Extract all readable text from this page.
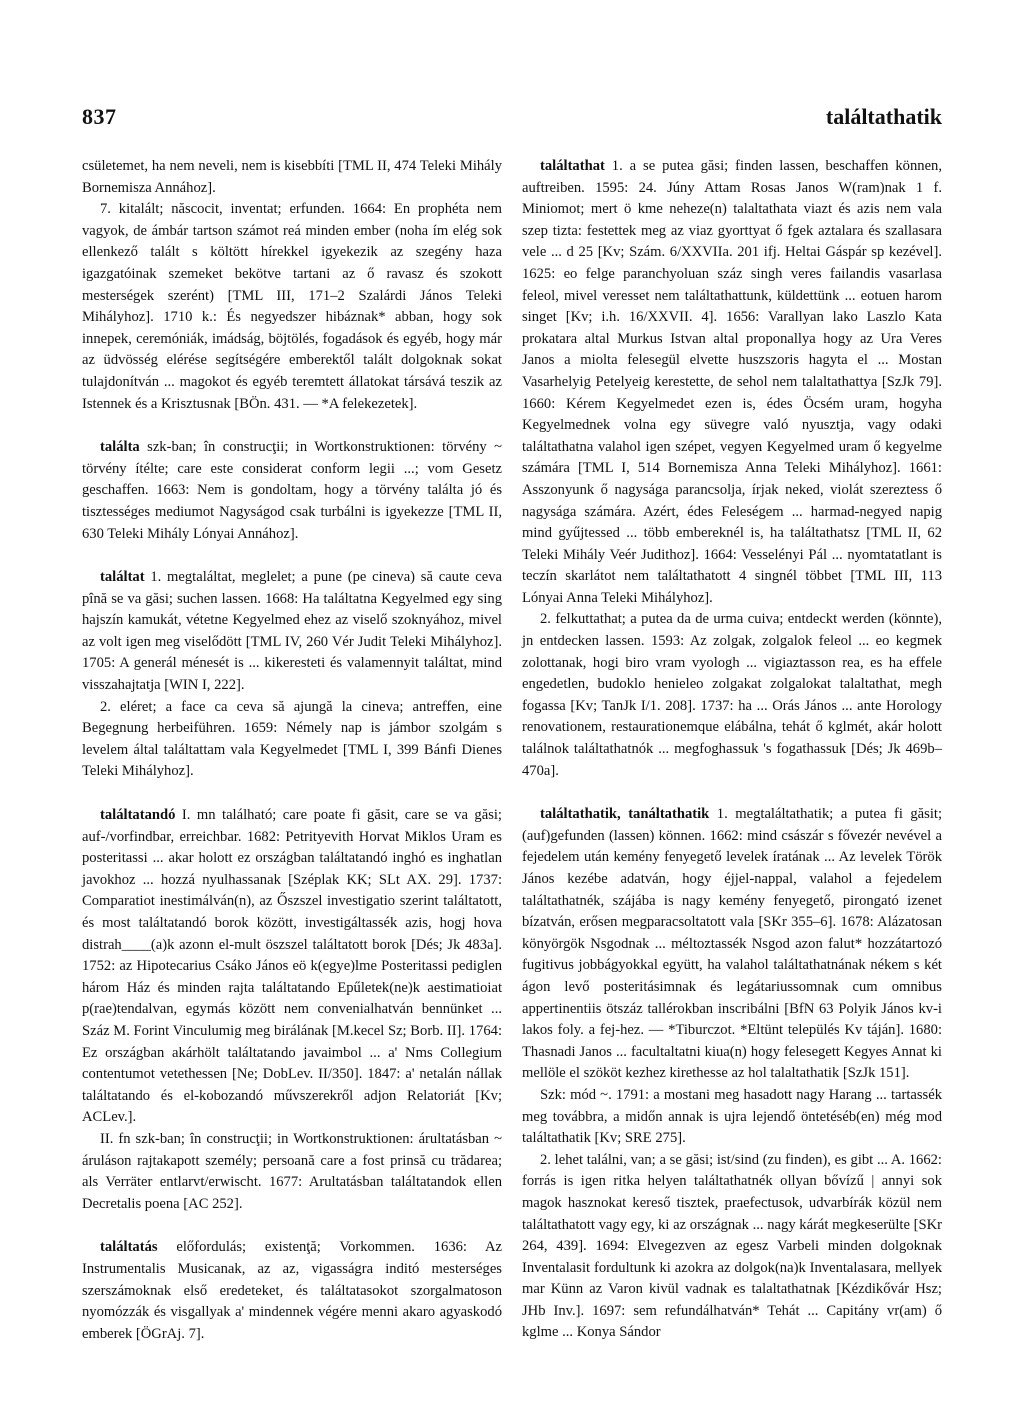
837	találtathatik

csületemet, ha nem neveli, nem is kisebbíti [TML II, 474 Teleki Mihály Bornemisza Annához].

7. kitalált; născocit, inventat; erfunden. 1664: En prophéta nem vagyok, de ámbár tartson számot reá minden ember (noha ím elég sok ellenkező talált s költött hírekkel igyekezik az szegény haza igazgatóinak szemeket bekötve tartani az ő ravasz és szokott mesterségek szerént) [TML III, 171–2 Szalárdi János Teleki Mihályhoz]. 1710 k.: És negyedszer hibáznak* abban, hogy sok innepek, ceremóniák, imádság, böjtölés, fogadások és egyéb, hogy már az üdvösség elérése segítségére emberektől talált dolgoknak sokat tulajdonítván ... magokot és egyéb teremtett állatokat társává teszik az Istennek és a Krisztusnak [BÖn. 431. — *A felekezetek].

találta szk-ban; în construcţii; in Wortkonstruktionen: törvény ~ törvény ítélte; care este considerat conform legii ...; vom Gesetz geschaffen. 1663: Nem is gondoltam, hogy a törvény találta jó és tisztességes mediumot Nagyságod csak turbálni is igyekezze [TML II, 630 Teleki Mihály Lónyai Annához].

találtat 1. megtaláltat, meglelet; a pune (pe cineva) să caute ceva pînă se va găsi; suchen lassen. 1668: Ha találtatna Kegyelmed egy sing hajszín kamukát, vétetne Kegyelmed ehez az viselő szoknyához, mivel az volt igen meg viselődött [TML IV, 260 Vér Judit Teleki Mihályhoz]. 1705: A generál ménesét is ... kikeresteti és valamennyit találtat, mind visszahajtatja [WIN I, 222].

2. eléret; a face ca ceva să ajungă la cineva; antreffen, eine Begegnung herbeiführen. 1659: Némely nap is jámbor szolgám s levelem által találtattam vala Kegyelmedet [TML I, 399 Bánfi Dienes Teleki Mihályhoz].

találtatandó I. mn található; care poate fi găsit, care se va găsi; auf-/vorfindbar, erreichbar. 1682: Petrityevith Horvat Miklos Uram es posteritassi ... akar holott ez országban találtatandó inghó es inghatlan javokhoz ... hozzá nyulhassanak [Széplak KK; SLt AX. 29]. 1737: Comparatiot inestimálván(n), az Őszszel investigatio szerint találtatott, és most találtatandó borok között, investigáltassék azis, hogj hova distrah____(a)k azonn el-mult öszszel találtatott borok [Dés; Jk 483a]. 1752: az Hipotecarius Csáko János eö k(egye)lme Posteritassi pediglen három Ház és minden rajta találtatando Epűletek(ne)k aestimatioiat p(rae)tendalvan, egymás között nem convenialhatván bennünket ... Száz M. Forint Vinculumig meg birálának [M.kecel Sz; Borb. II]. 1764: Ez országban akárhölt találtatando javaimbol ... a' Nms Collegium contentumot vetethessen [Ne; DobLev. II/350]. 1847: a' netalán nállak találtatando és el-kobozandó művszerekről adjon Relatoriát [Kv; ACLev.].

II. fn szk-ban; în construcţii; in Wortkonstruktionen: árultatásban ~ áruláson rajtakapott személy; persoană care a fost prinsă cu trădarea; als Verräter entlarvt/erwischt. 1677: Arultatásban találtatandok ellen Decretalis poena [AC 252].

találtatás előfordulás; existenţă; Vorkommen. 1636: Az Instrumentalis Musicanak, az az, vigasságra inditó mesterséges szerszámoknak első eredeteket, és találtatasokot szorgalmatoson nyomózzák és visgallyak a' mindennek végére menni akaro agyaskodó emberek [ÖGrAj. 7].

találtathat 1. a se putea găsi; finden lassen, beschaffen können, auftreiben. 1595: 24. Júny Attam Rosas Janos W(ram)nak 1 f. Miniomot; mert ö kme neheze(n) talaltathata viazt és azis nem vala szep tizta: festettek meg az viaz gyorttyat ő fgek aztalara és szallasara vele ... d 25 [Kv; Szám. 6/XXVIIa. 201 ifj. Heltai Gáspár sp kezével]. 1625: eo felge paranchyoluan száz singh veres failandis vasarlasa feleol, mivel veresset nem találtathattunk, küldettünk ... eotuen harom singet [Kv; i.h. 16/XXVII. 4]. 1656: Varallyan lako Laszlo Kata prokatara altal Murkus Istvan altal proponallya hogy az Ura Veres Janos a miolta felesegül elvette huszszoris hagyta el ... Mostan Vasarhelyig Petelyeig kerestette, de sehol nem talaltathattya [SzJk 79]. 1660: Kérem Kegyelmedet ezen is, édes Öcsém uram, hogyha Kegyelmednek volna egy süvegre való nyusztja, vagy odaki találtathatna valahol igen szépet, vegyen Kegyelmed uram ő kegyelme számára [TML I, 514 Bornemisza Anna Teleki Mihályhoz]. 1661: Asszonyunk ő nagysága parancsolja, írjak neked, violát szereztess ő nagysága számára. Azért, édes Feleségem ... harmad-negyed napig mind gyűjtessed ... több embereknél is, ha találtathatsz [TML II, 62 Teleki Mihály Veér Judithoz]. 1664: Vesselényi Pál ... nyomtatatlant is teczín skarlátot nem találtathatott 4 singnél többet [TML III, 113 Lónyai Anna Teleki Mihályhoz].

2. felkuttathat; a putea da de urma cuiva; entdeckt werden (könnte), jn entdecken lassen. 1593: Az zolgak, zolgalok feleol ... eo kegmek zolottanak, hogi biro vram vyologh ... vigiaztasson rea, es ha effele engedetlen, budoklo henieleo zolgakat zolgalokat talaltathat, megh fogassa [Kv; TanJk I/1. 208]. 1737: ha ... Orás János ... ante Horology renovationem, restaurationemque elábálna, tehát ő kglmét, akár holott találnok találtathatnók ... megfoghassuk 's fogathassuk [Dés; Jk 469b–470a].

találtathatik, tanáltathatik 1. megtaláltathatik; a putea fi găsit; (auf)gefunden (lassen) können. 1662: mind császár s fővezér nevével a fejedelem után kemény fenyegető levelek íratának ... Az levelek Török János kezébe adatván, hogy éjjel-nappal, valahol a fejedelem találtathatnék, szájába is nagy kemény fenyegető, pirongató izenet bízatván, erősen megparacsoltatott vala [SKr 355–6]. 1678: Alázatosan könyörgök Nsgodnak ... méltoztassék Nsgod azon falut* hozzátartozó fugitivus jobbágyokkal együtt, ha valahol találtathatnának nékem s két ágon levő posteritásimnak és legátariussomnak cum omnibus appertinentiis ötszáz tallérokban inscribálni [BfN 63 Polyik János kv-i lakos foly. a fej-hez. — *Tiburczot. *Eltünt település Kv táján]. 1680: Thasnadi Janos ... facultaltatni kiua(n) hogy felesegett Kegyes Annat ki mellöle el szököt kezhez kirethesse az hol talaltathatik [SzJk 151].

Szk: mód ~. 1791: a mostani meg hasadott nagy Harang ... tartassék meg továbbra, a midőn annak is ujra lejendő öntetéséb(en) még mod találtathatik [Kv; SRE 275].

2. lehet találni, van; a se găsi; ist/sind (zu finden), es gibt ... A. 1662: forrás is igen ritka helyen találtathatnék ollyan bővízű | annyi sok magok hasznokat kereső tisztek, praefectusok, udvarbírák közül nem találtathatott vagy egy, ki az országnak ... nagy kárát megkeserülte [SKr 264, 439]. 1694: Elvegezven az egesz Varbeli minden dolgoknak Inventalasit fordultunk ki azokra az dolgok(na)k Inventalasara, mellyek mar Künn az Varon kivül vadnak es talaltathatnak [Kézdikővár Hsz; JHb Inv.]. 1697: sem refundálhatván* Tehát ... Capitány vr(am) ő kglme ... Konya Sándor
